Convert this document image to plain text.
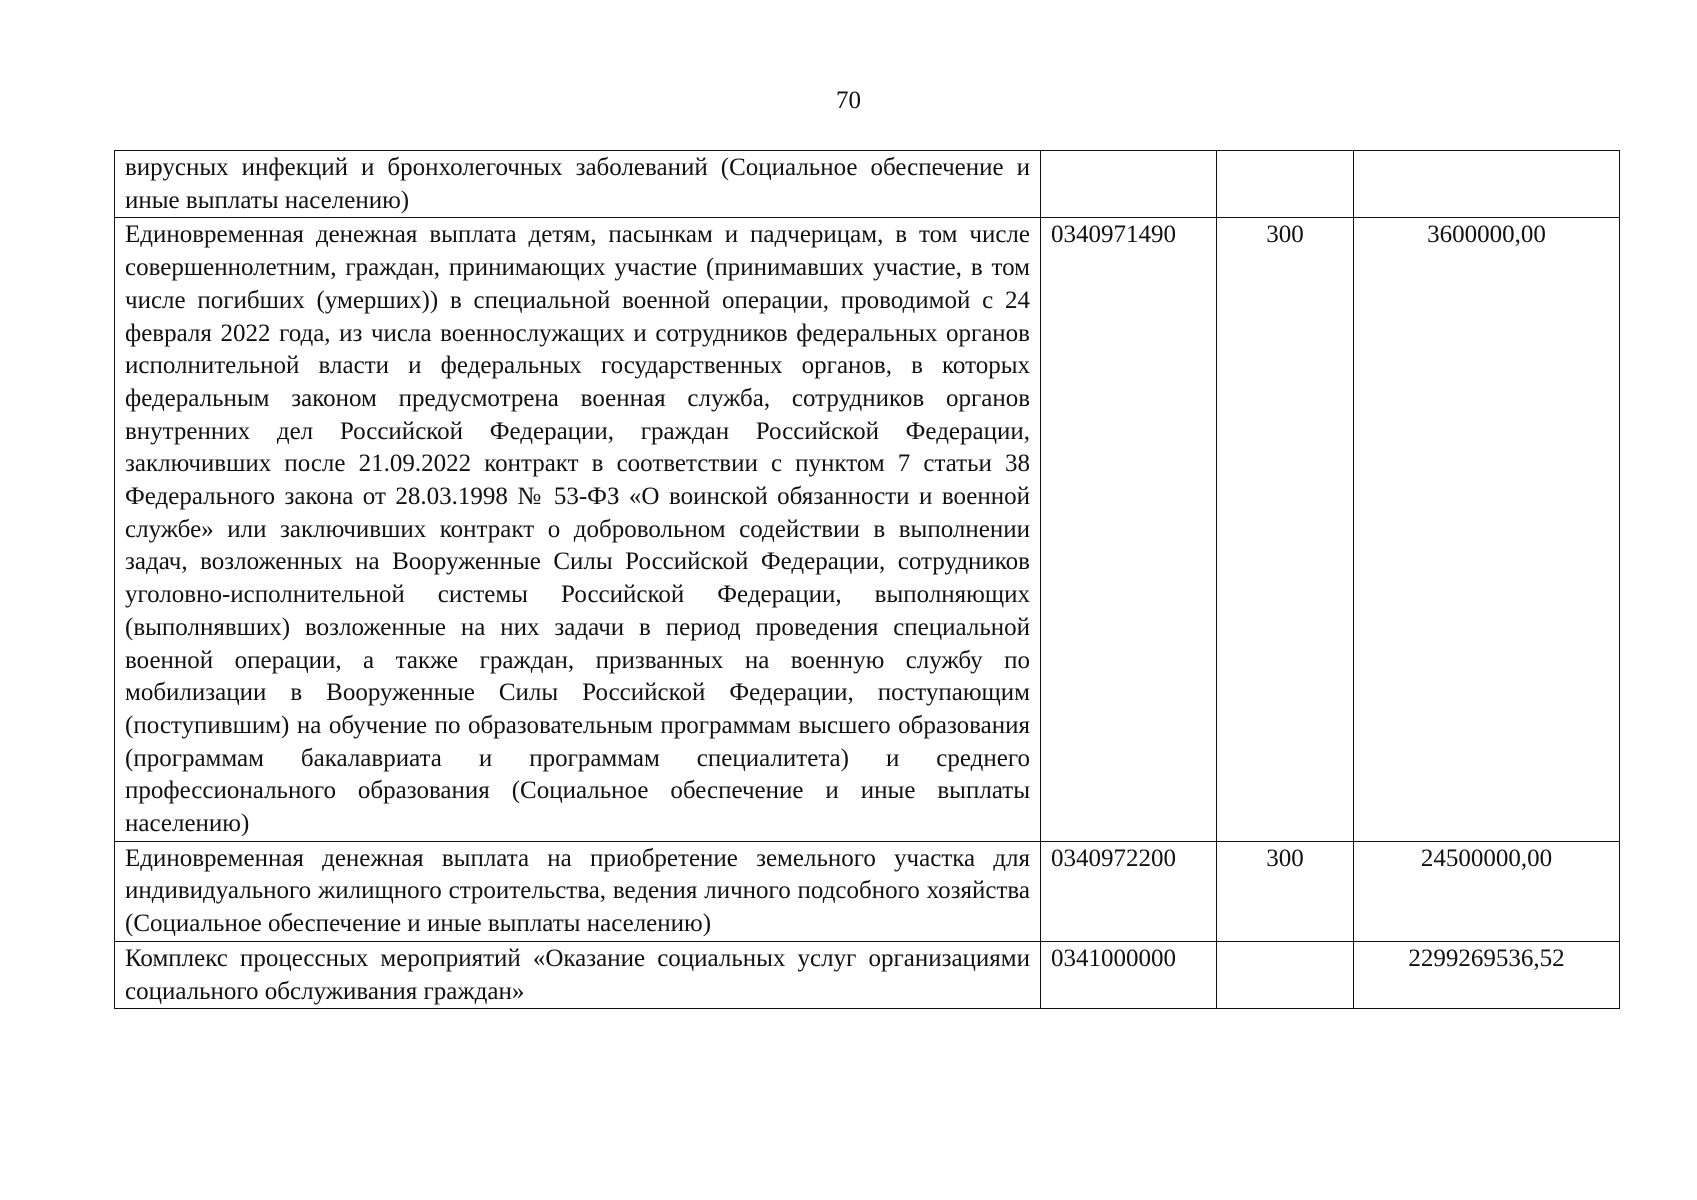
70
вирусных инфекций и бронхолегочных заболеваний (Социальное обеспечение и иные выплаты населению)			
Единовременная денежная выплата детям, пасынкам и падчерицам, в том числе совершеннолетним, граждан, принимающих участие (принимавших участие, в том числе погибших (умерших)) в специальной военной операции, проводимой с 24 февраля 2022 года, из числа военнослужащих и сотрудников федеральных органов исполнительной власти и федеральных государственных органов, в которых федеральным законом предусмотрена военная служба, сотрудников органов внутренних дел Российской Федерации, граждан Российской Федерации, заключивших после 21.09.2022 контракт в соответствии с пунктом 7 статьи 38 Федерального закона от 28.03.1998 № 53-ФЗ «О воинской обязанности и военной службе» или заключивших контракт о добровольном содействии в выполнении задач, возложенных на Вооруженные Силы Российской Федерации, сотрудников уголовно-исполнительной системы Российской Федерации, выполняющих (выполнявших) возложенные на них задачи в период проведения специальной военной операции, а также граждан, призванных на военную службу по мобилизации в Вооруженные Силы Российской Федерации, поступающим (поступившим) на обучение по образовательным программам высшего образования (программам бакалавриата и программам специалитета) и среднего профессионального образования (Социальное обеспечение и иные выплаты населению)	0340971490	300	3600000,00
Единовременная денежная выплата на приобретение земельного участка для индивидуального жилищного строительства, ведения личного подсобного хозяйства (Социальное обеспечение и иные выплаты населению)	0340972200	300	24500000,00
Комплекс процессных мероприятий «Оказание социальных услуг организациями социального обслуживания граждан»	0341000000		2299269536,52
